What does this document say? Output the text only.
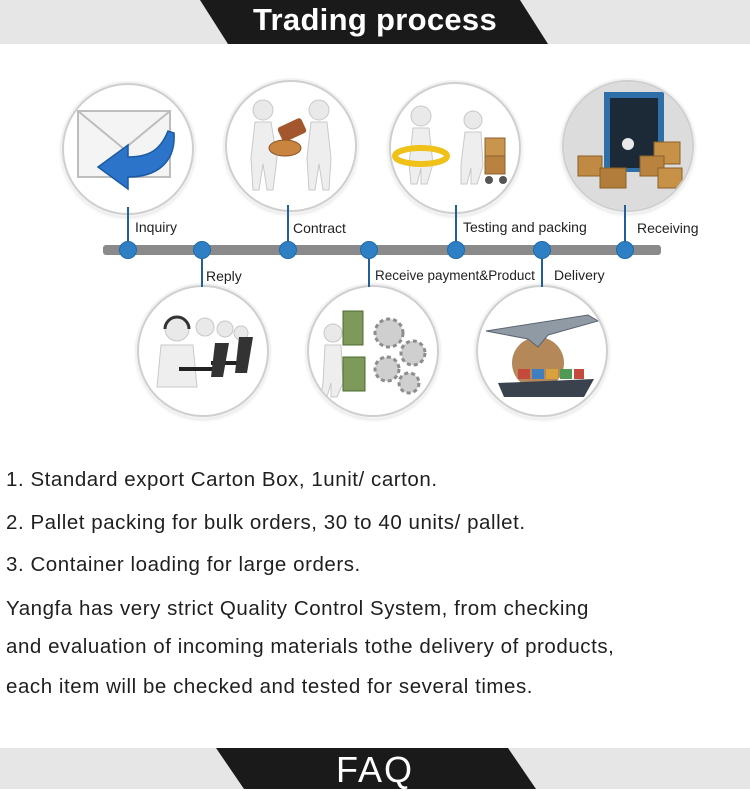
Trading process
Inquiry
Reply
Contract
Receive payment&Product
Testing and packing
Delivery
Receiving
1. Standard export Carton Box, 1unit/ carton.
2. Pallet packing for bulk orders, 30 to 40 units/ pallet.
3. Container loading for large orders.
Yangfa has very strict Quality Control System, from checking
and evaluation of incoming materials tothe delivery of products,
each item will be checked and tested for several times.
FAQ
